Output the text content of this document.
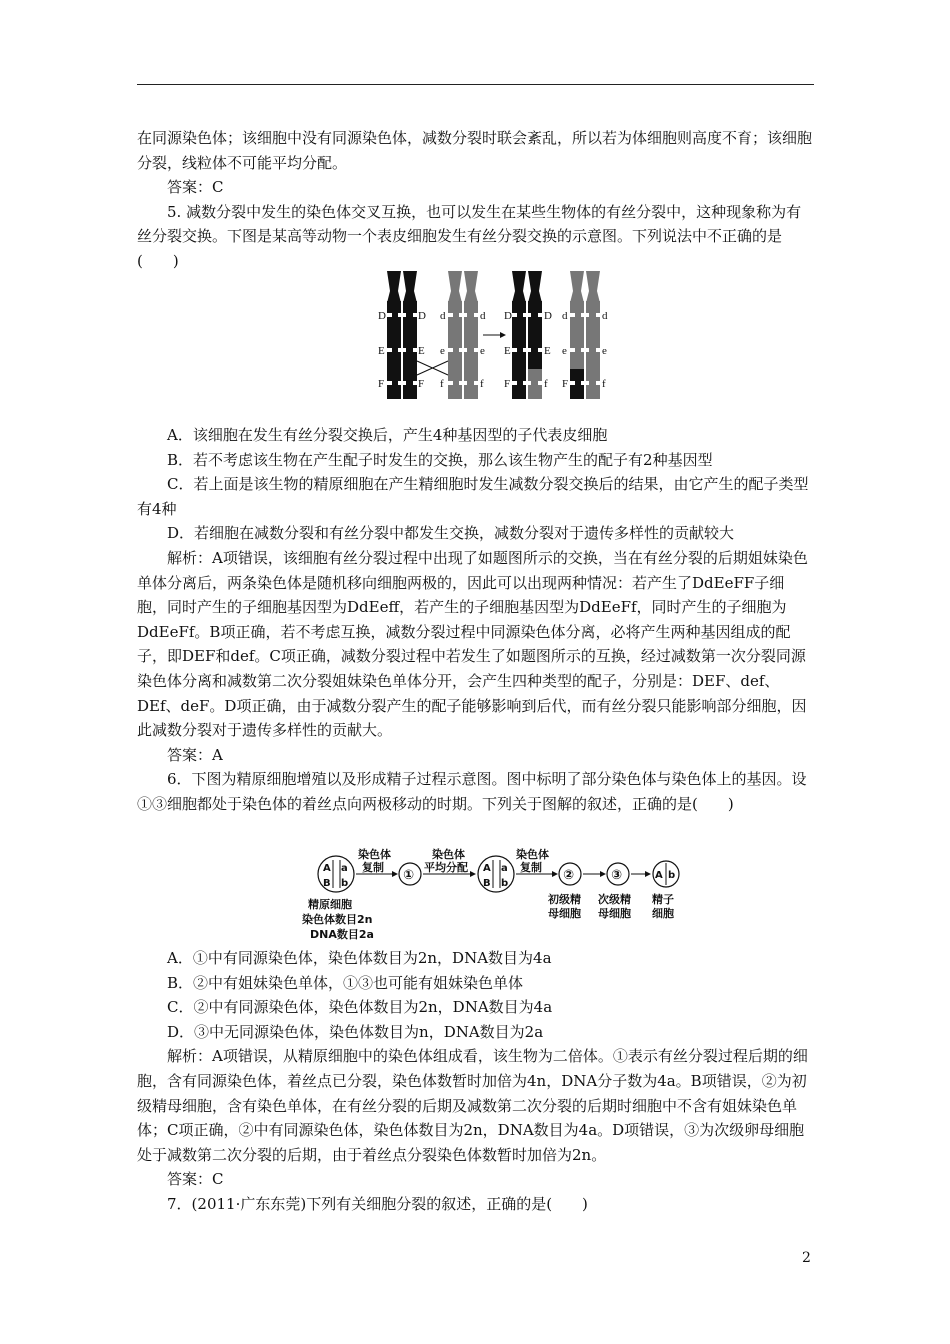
在同源染色体；该细胞中没有同源染色体，减数分裂时联会紊乱，所以若为体细胞则高度不育；该细胞分裂，线粒体不可能平均分配。

答案：C

5. 减数分裂中发生的染色体交叉互换，也可以发生在某些生物体的有丝分裂中，这种现象称为有丝分裂交换。下图是某高等动物一个表皮细胞发生有丝分裂交换的示意图。下列说法中不正确的是(　　)

D	D
E	E
F	F
d	d
e	e
f	f
D	D
E	E
F	f
d	d
e	e
F	f

A．该细胞在发生有丝分裂交换后，产生4种基因型的子代表皮细胞

B．若不考虑该生物在产生配子时发生的交换，那么该生物产生的配子有2种基因型

C．若上面是该生物的精原细胞在产生精细胞时发生减数分裂交换后的结果，由它产生的配子类型有4种

D．若细胞在减数分裂和有丝分裂中都发生交换，减数分裂对于遗传多样性的贡献较大

解析：A项错误，该细胞有丝分裂过程中出现了如题图所示的交换，当在有丝分裂的后期姐妹染色单体分离后，两条染色体是随机移向细胞两极的，因此可以出现两种情况：若产生了DdEeFF子细胞，同时产生的子细胞基因型为DdEeff，若产生的子细胞基因型为DdEeFf，同时产生的子细胞为DdEeFf。B项正确，若不考虑互换，减数分裂过程中同源染色体分离，必将产生两种基因组成的配子，即DEF和def。C项正确，减数分裂过程中若发生了如题图所示的互换，经过减数第一次分裂同源染色体分离和减数第二次分裂姐妹染色单体分开，会产生四种类型的配子，分别是：DEF、def、DEf、deF。D项正确，由于减数分裂产生的配子能够影响到后代，而有丝分裂只能影响部分细胞，因此减数分裂对于遗传多样性的贡献大。

答案：A

6．下图为精原细胞增殖以及形成精子过程示意图。图中标明了部分染色体与染色体上的基因。设①③细胞都处于染色体的着丝点向两极移动的时期。下列关于图解的叙述，正确的是(　　)

A a
B b
染色体
复制
①
染色体
平均分配 A a
B b
染色体
复制
②	③	A b
精原细胞
染色体数目2n
DNA数目2a
初级精
母细胞
次级精
母细胞
精子
细胞

A．①中有同源染色体，染色体数目为2n，DNA数目为4a

B．②中有姐妹染色单体，①③也可能有姐妹染色单体

C．②中有同源染色体，染色体数目为2n，DNA数目为4a

D．③中无同源染色体，染色体数目为n，DNA数目为2a

解析：A项错误，从精原细胞中的染色体组成看，该生物为二倍体。①表示有丝分裂过程后期的细胞，含有同源染色体，着丝点已分裂，染色体数暂时加倍为4n，DNA分子数为4a。B项错误，②为初级精母细胞，含有染色单体，在有丝分裂的后期及减数第二次分裂的后期时细胞中不含有姐妹染色单体；C项正确，②中有同源染色体，染色体数目为2n，DNA数目为4a。D项错误，③为次级卵母细胞处于减数第二次分裂的后期，由于着丝点分裂染色体数暂时加倍为2n。

答案：C

7．(2011·广东东莞)下列有关细胞分裂的叙述，正确的是(　　)

2
